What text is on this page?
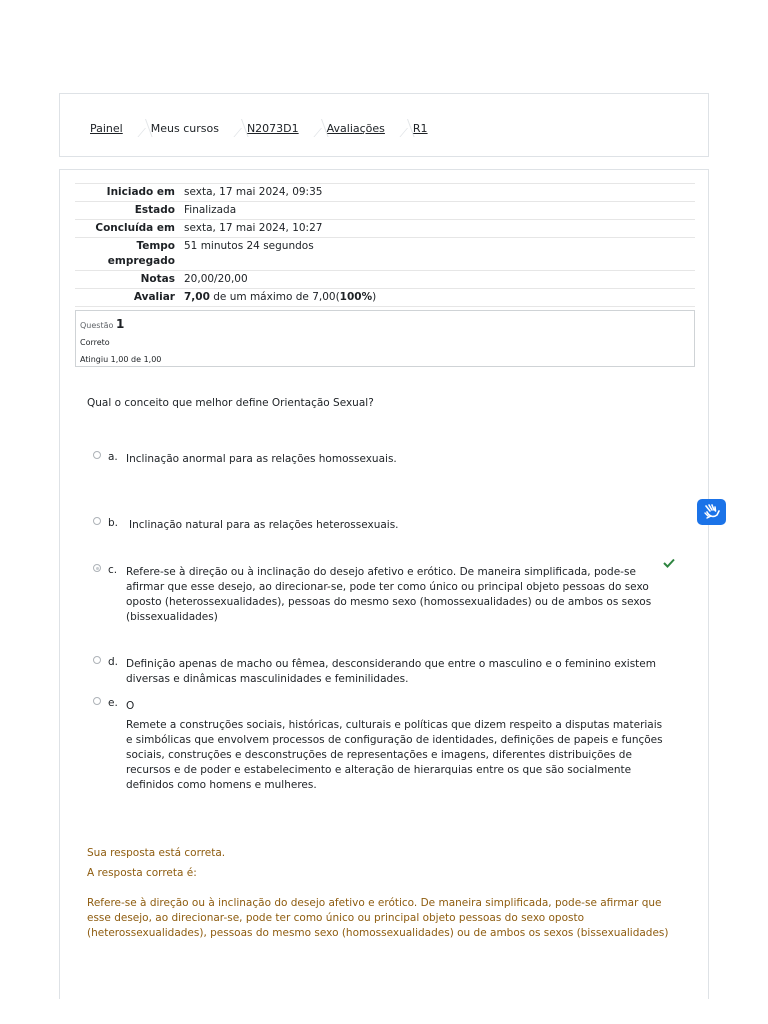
Painel	Meus cursos	N2073D1	Avaliações	R1
Iniciado em sexta, 17 mai 2024, 09:35
Estado Finalizada
Concluída em sexta, 17 mai 2024, 10:27
Tempo empregado
51 minutos 24 segundos
Notas 20,00/20,00
Avaliar 7,00 de um máximo de 7,00(100%)
Questão 1
Correto
Atingiu 1,00 de 1,00
Qual o conceito que melhor define Orientação Sexual?
a. Inclinação anormal para as relações homossexuais.
b. Inclinação natural para as relações heterossexuais.
c. Refere-se à direção ou à inclinação do desejo afetivo e erótico. De maneira simplificada, pode-se afirmar que esse desejo, ao direcionar-se, pode ter como único ou principal objeto pessoas do sexo oposto (heterossexualidades), pessoas do mesmo sexo (homossexualidades) ou de ambos os sexos (bissexualidades)
d. Definição apenas de macho ou fêmea, desconsiderando que entre o masculino e o feminino existem diversas e dinâmicas masculinidades e feminilidades.
e. O
Remete a construções sociais, históricas, culturais e políticas que dizem respeito a disputas materiais e simbólicas que envolvem processos de configuração de identidades, definições de papeis e funções sociais, construções e desconstruções de representações e imagens, diferentes distribuições de recursos e de poder e estabelecimento e alteração de hierarquias entre os que são socialmente definidos como homens e mulheres.
Sua resposta está correta.
A resposta correta é:
Refere-se à direção ou à inclinação do desejo afetivo e erótico. De maneira simplificada, pode-se afirmar que esse desejo, ao direcionar-se, pode ter como único ou principal objeto pessoas do sexo oposto (heterossexualidades), pessoas do mesmo sexo (homossexualidades) ou de ambos os sexos (bissexualidades)
